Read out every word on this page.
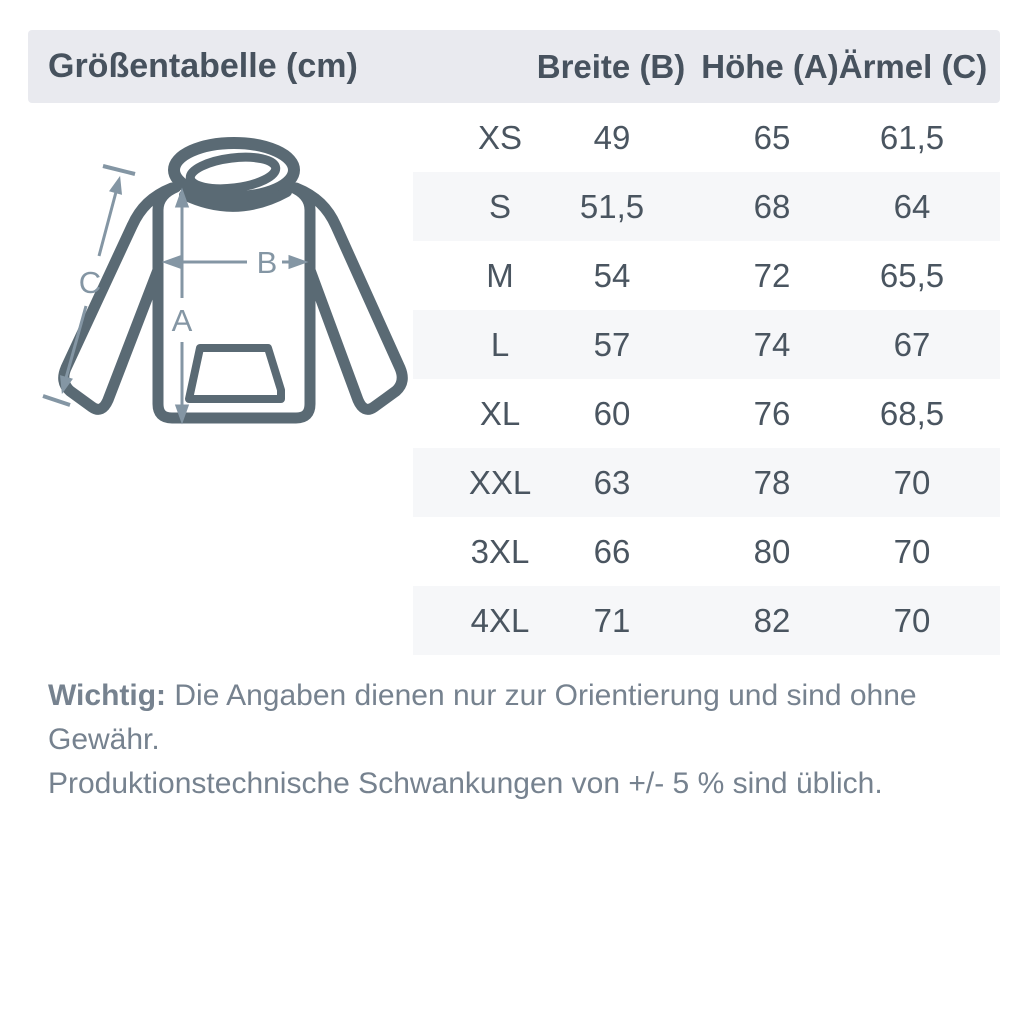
Größentabelle (cm)	Breite (B) Höhe (A) Ärmel (C)
A
B
C
XS	49	65	61,5
S	51,5	68	64
M	54	72	65,5
L	57	74	67
XL	60	76	68,5
XXL	63	78	70
3XL	66	80	70
4XL	71	82	70
Wichtig: Die Angaben dienen nur zur Orientierung und sind ohne Gewähr.
Produktionstechnische Schwankungen von +/- 5 % sind üblich.
